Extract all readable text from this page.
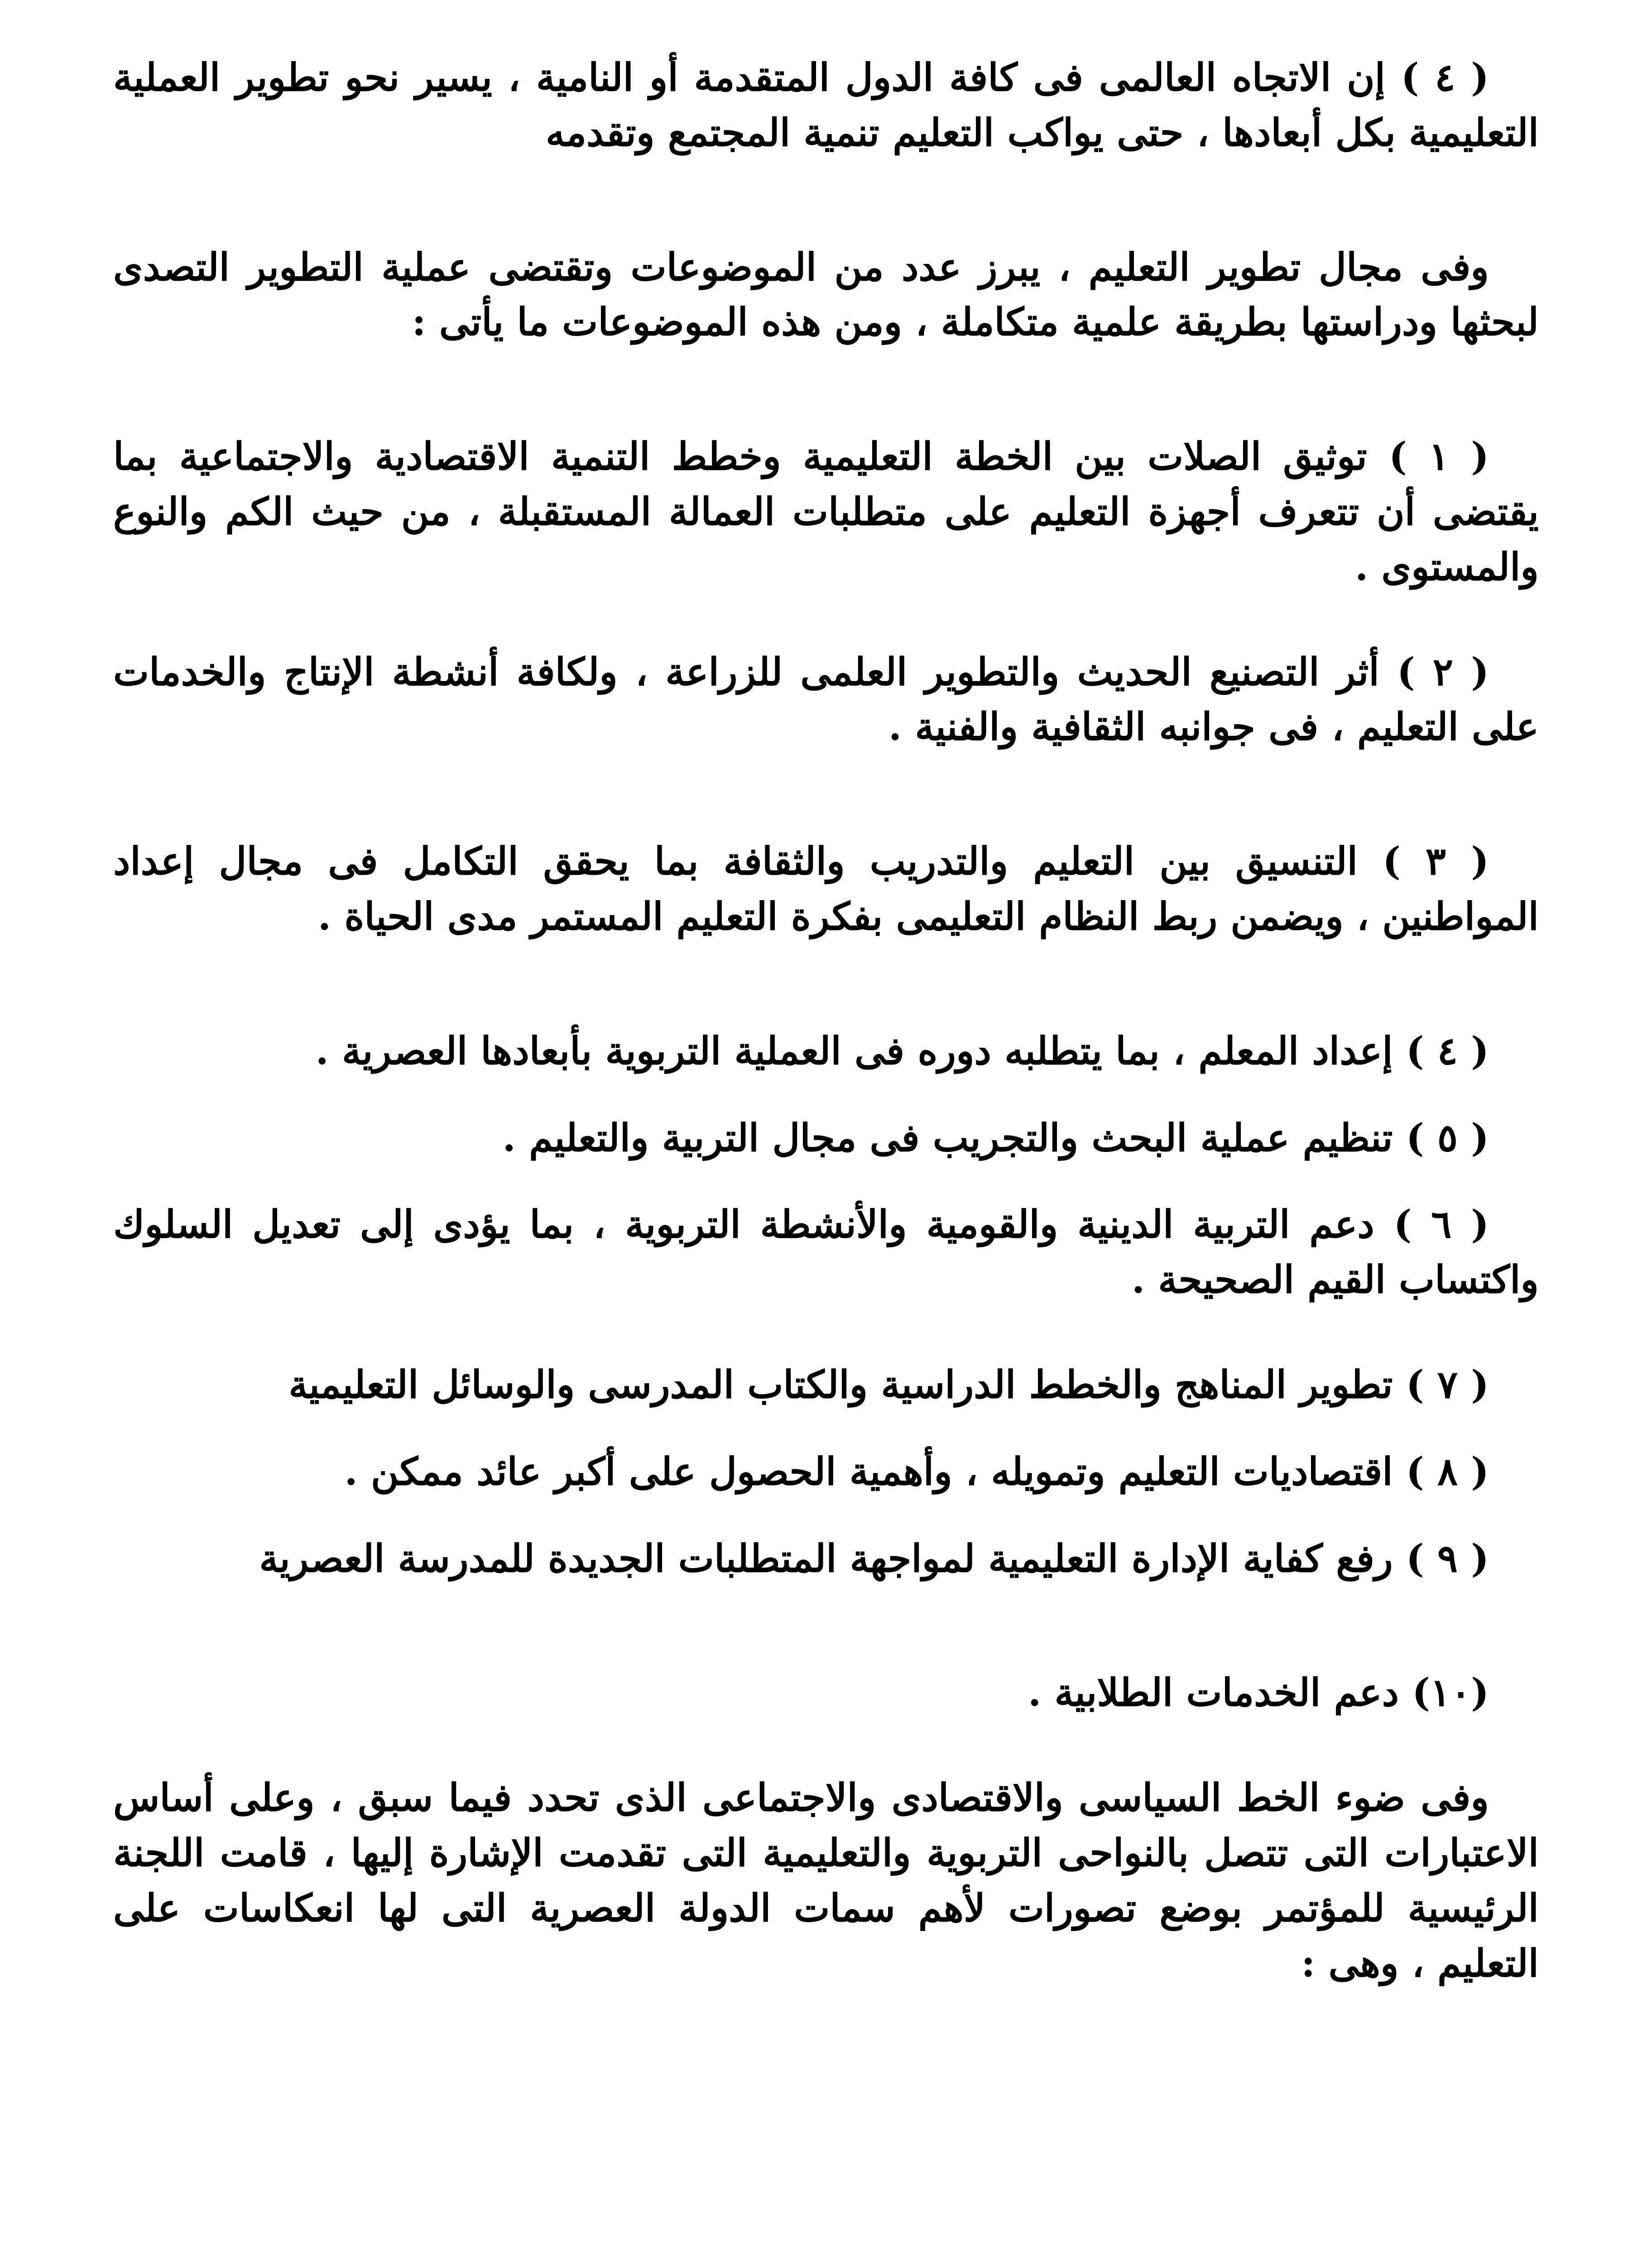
( ٤ ) إن الاتجاه العالمى فى كافة الدول المتقدمة أو النامية ، يسير نحو تطوير العملية التعليمية بكل أبعادها ، حتى يواكب التعليم تنمية المجتمع وتقدمه

وفى مجال تطوير التعليم ، يبرز عدد من الموضوعات وتقتضى عملية التطوير التصدى لبحثها ودراستها بطريقة علمية متكاملة ، ومن هذه الموضوعات ما يأتى :

( ١ ) توثيق الصلات بين الخطة التعليمية وخطط التنمية الاقتصادية والاجتماعية بما يقتضى أن تتعرف أجهزة التعليم على متطلبات العمالة المستقبلة ، من حيث الكم والنوع والمستوى .

( ٢ ) أثر التصنيع الحديث والتطوير العلمى للزراعة ، ولكافة أنشطة الإنتاج والخدمات على التعليم ، فى جوانبه الثقافية والفنية .

( ٣ ) التنسيق بين التعليم والتدريب والثقافة بما يحقق التكامل فى مجال إعداد المواطنين ، ويضمن ربط النظام التعليمى بفكرة التعليم المستمر مدى الحياة .

( ٤ ) إعداد المعلم ، بما يتطلبه دوره فى العملية التربوية بأبعادها العصرية .

( ٥ ) تنظيم عملية البحث والتجريب فى مجال التربية والتعليم .

( ٦ ) دعم التربية الدينية والقومية والأنشطة التربوية ، بما يؤدى إلى تعديل السلوك واكتساب القيم الصحيحة .

( ٧ ) تطوير المناهج والخطط الدراسية والكتاب المدرسى والوسائل التعليمية

( ٨ ) اقتصاديات التعليم وتمويله ، وأهمية الحصول على أكبر عائد ممكن .

( ٩ ) رفع كفاية الإدارة التعليمية لمواجهة المتطلبات الجديدة للمدرسة العصرية

(١٠) دعم الخدمات الطلابية .

وفى ضوء الخط السياسى والاقتصادى والاجتماعى الذى تحدد فيما سبق ، وعلى أساس الاعتبارات التى تتصل بالنواحى التربوية والتعليمية التى تقدمت الإشارة إليها ، قامت اللجنة الرئيسية للمؤتمر بوضع تصورات لأهم سمات الدولة العصرية التى لها انعكاسات على التعليم ، وهى :
